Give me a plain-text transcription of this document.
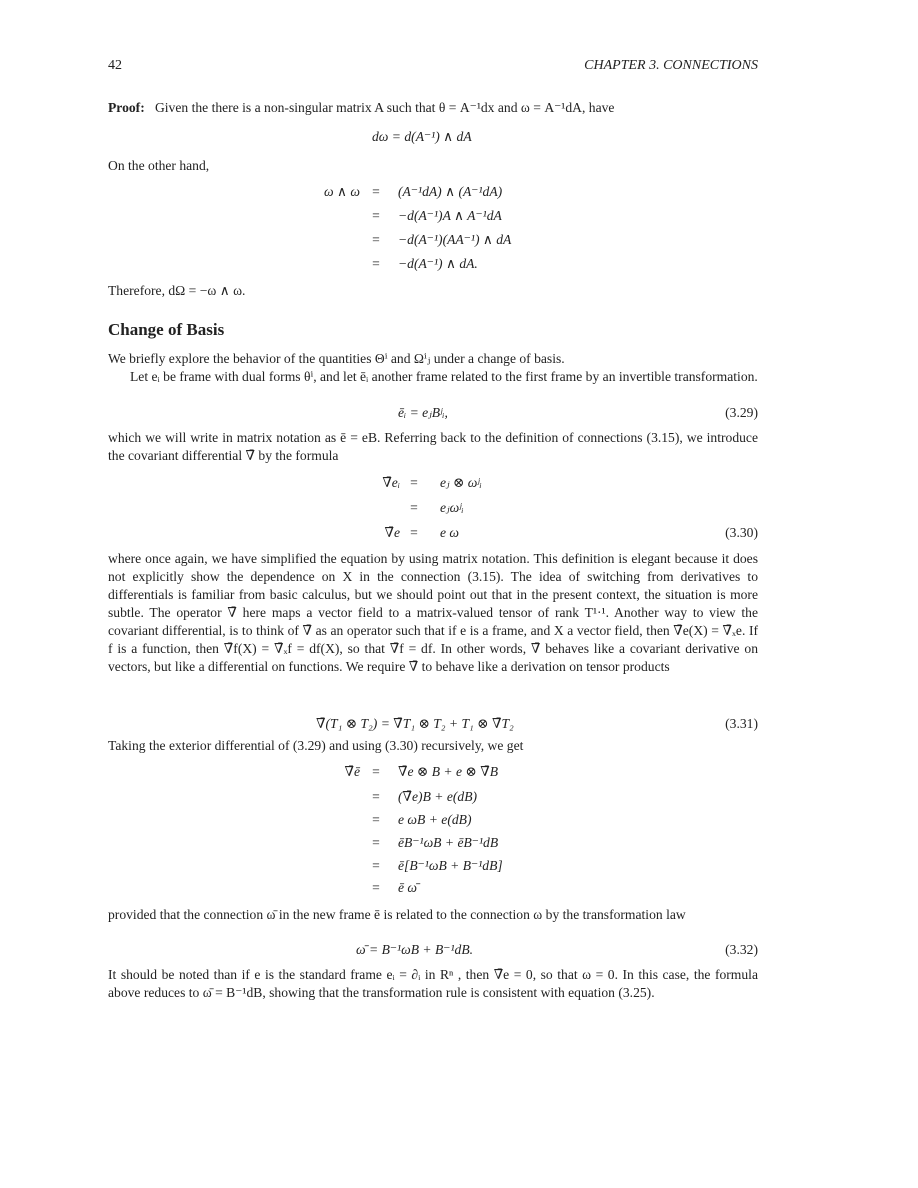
42	CHAPTER 3. CONNECTIONS
Proof: Given the there is a non-singular matrix A such that θ = A⁻¹dx and ω = A⁻¹dA, have
dω = d(A⁻¹) ∧ dA
On the other hand,
ω ∧ ω =	(A⁻¹dA) ∧ (A⁻¹dA)
=	−d(A⁻¹)A ∧ A⁻¹dA
=	−d(A⁻¹)(AA⁻¹) ∧ dA
=	−d(A⁻¹) ∧ dA.
Therefore, dΩ = −ω ∧ ω.
Change of Basis
We briefly explore the behavior of the quantities Θⁱ and Ωⁱⱼ under a change of basis.
Let eᵢ be frame with dual forms θⁱ, and let ēᵢ another frame related to the first frame by an invertible transformation.
ēᵢ = eⱼBʲᵢ,	(3.29)
which we will write in matrix notation as ē = eB. Referring back to the definition of connections (3.15), we introduce the covariant differential ∇̄ by the formula
∇̄eᵢ =	eⱼ ⊗ ωʲᵢ
=	eⱼωʲᵢ
∇̄e =	e ω	(3.30)
where once again, we have simplified the equation by using matrix notation. This definition is elegant because it does not explicitly show the dependence on X in the connection (3.15). The idea of switching from derivatives to differentials is familiar from basic calculus, but we should point out that in the present context, the situation is more subtle. The operator ∇̄ here maps a vector field to a matrix-valued tensor of rank T¹·¹. Another way to view the covariant differential, is to think of ∇̄ as an operator such that if e is a frame, and X a vector field, then ∇̄e(X) = ∇̄ₓe. If f is a function, then ∇̄f(X) = ∇̄ₓf = df(X), so that ∇̄f = df. In other words, ∇̄ behaves like a covariant derivative on vectors, but like a differential on functions. We require ∇̄ to behave like a derivation on tensor products
∇̄(T₁ ⊗ T₂) = ∇̄T₁ ⊗ T₂ + T₁ ⊗ ∇̄T₂	(3.31)
Taking the exterior differential of (3.29) and using (3.30) recursively, we get
∇̄ē =	∇̄e ⊗ B + e ⊗ ∇̄B
=	(∇̄e)B + e(dB)
=	e ωB + e(dB)
=	ēB⁻¹ωB + ēB⁻¹dB
=	ē[B⁻¹ωB + B⁻¹dB]
=	ē ω̄
provided that the connection ω̄ in the new frame ē is related to the connection ω by the transformation law
ω̄ = B⁻¹ωB + B⁻¹dB.	(3.32)
It should be noted than if e is the standard frame eᵢ = ∂ᵢ in Rⁿ , then ∇̄e = 0, so that ω = 0. In this case, the formula above reduces to ω̄ = B⁻¹dB, showing that the transformation rule is consistent with equation (3.25).
